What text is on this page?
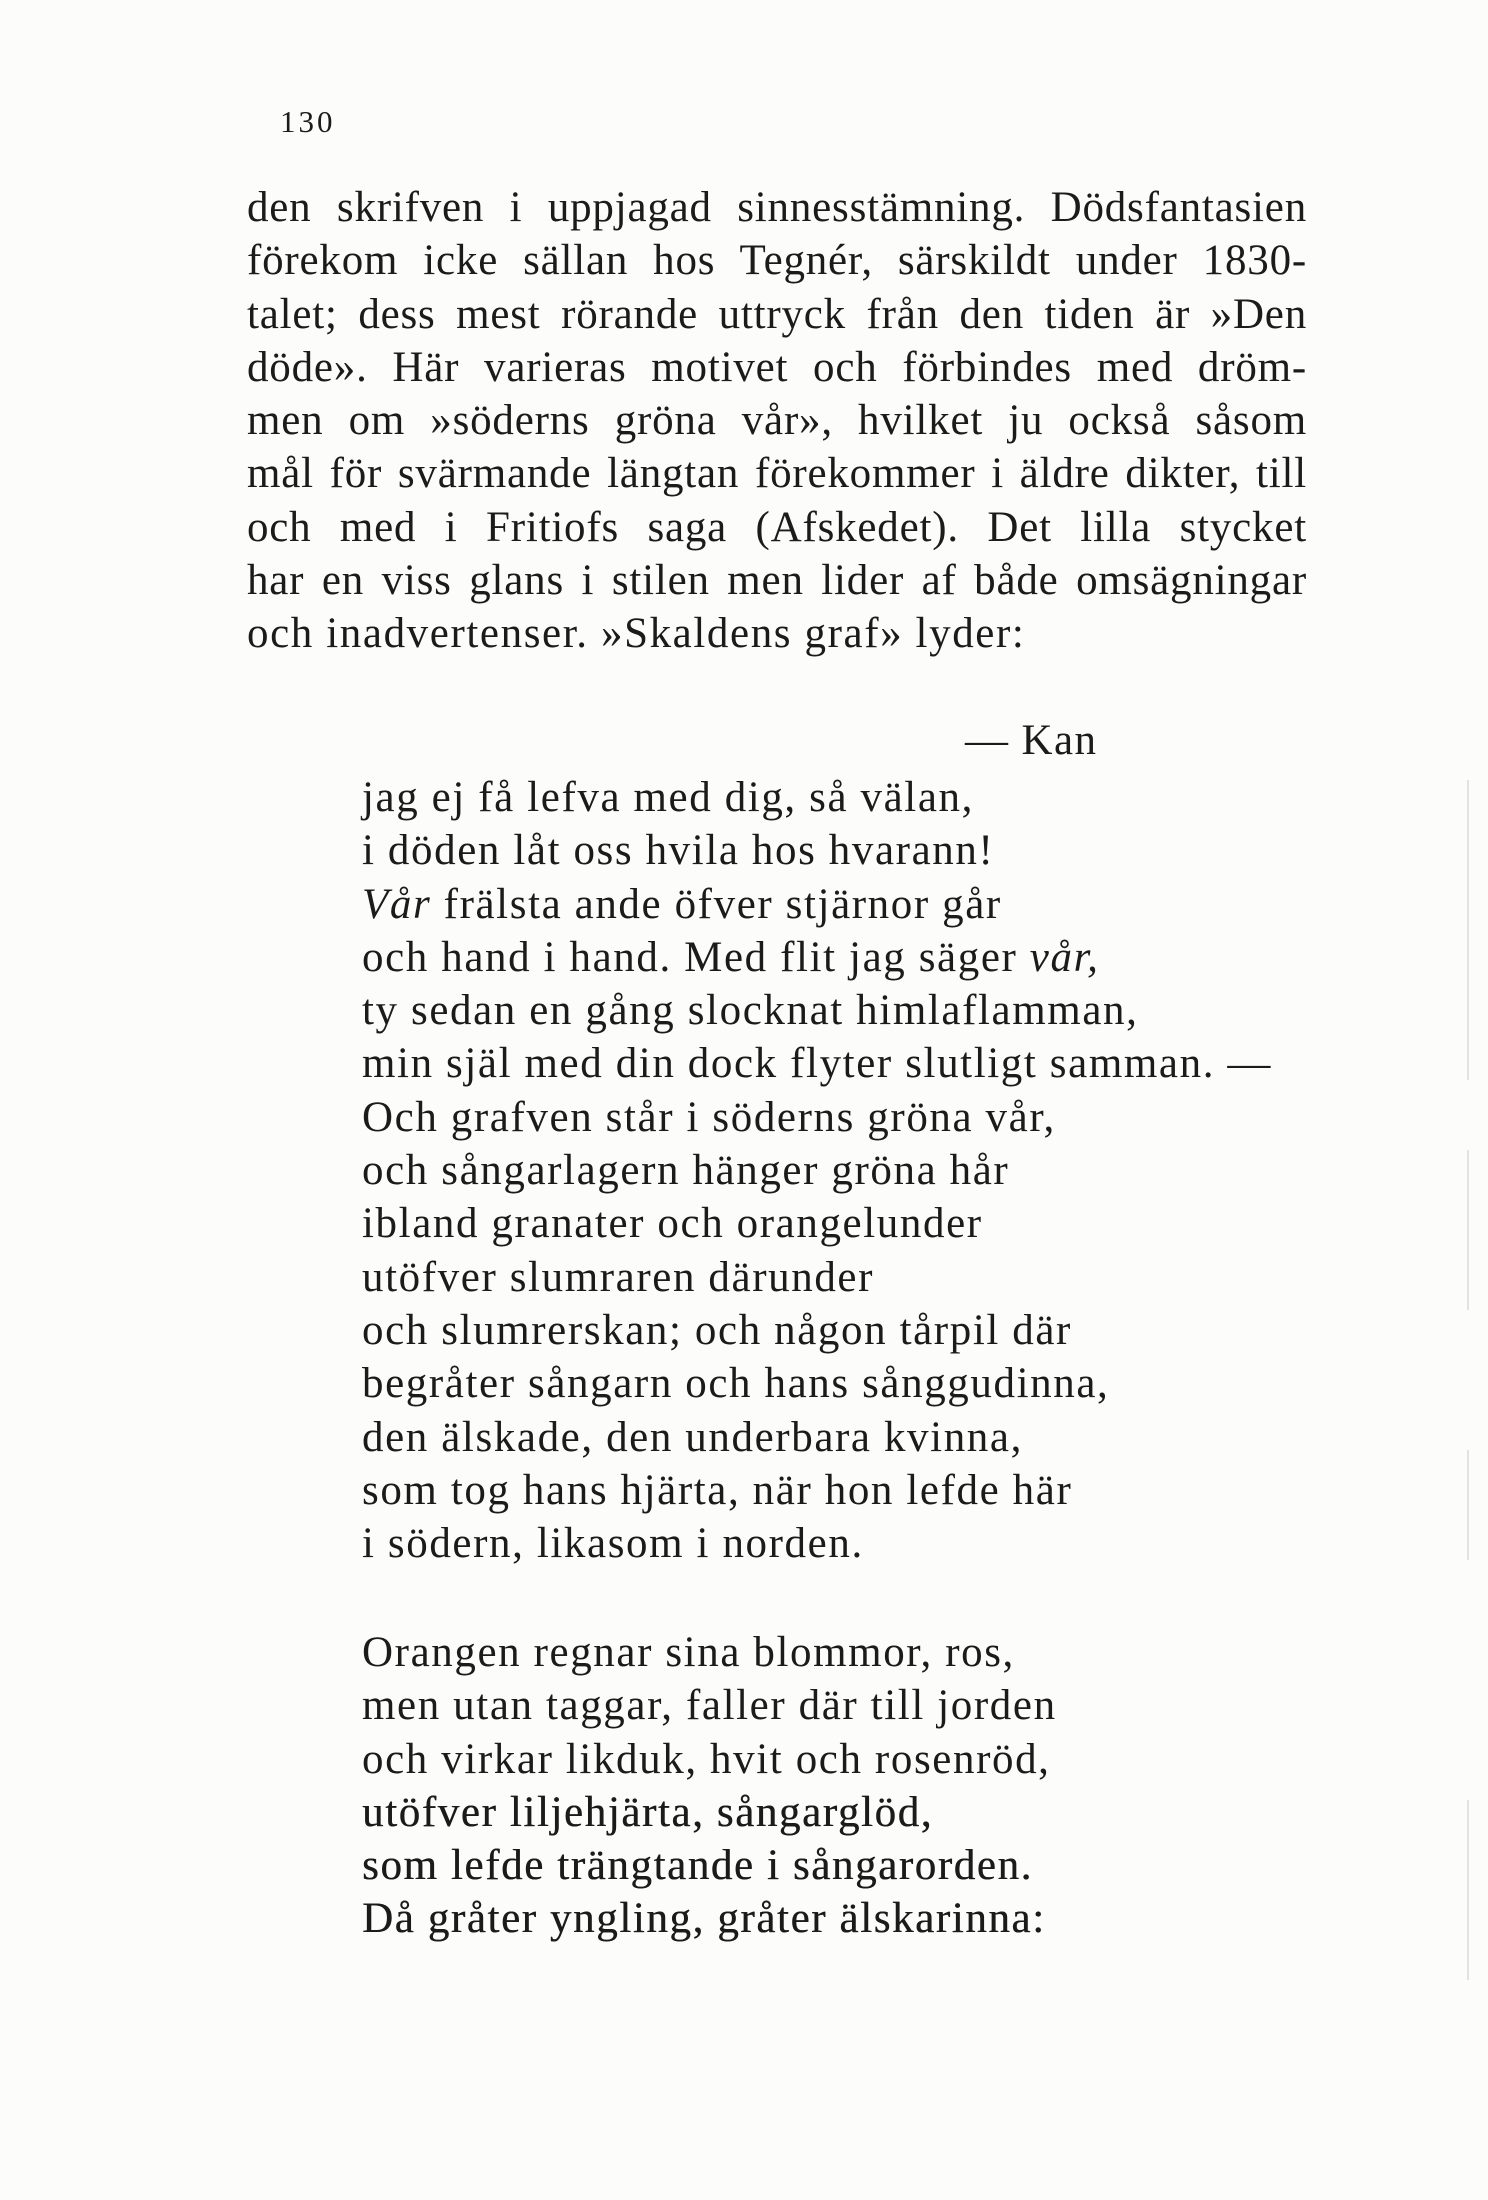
130
den skrifven i uppjagad sinnesstämning. Dödsfantasien
förekom icke sällan hos Tegnér, särskildt under 1830-
talet; dess mest rörande uttryck från den tiden är »Den
döde». Här varieras motivet och förbindes med dröm-
men om »söderns gröna vår», hvilket ju också såsom
mål för svärmande längtan förekommer i äldre dikter, till
och med i Fritiofs saga (Afskedet). Det lilla stycket
har en viss glans i stilen men lider af både omsägningar
och inadvertenser. »Skaldens graf» lyder:
— Kan
jag ej få lefva med dig, så välan,
i döden låt oss hvila hos hvarann!
Vår frälsta ande öfver stjärnor går
och hand i hand. Med flit jag säger vår,
ty sedan en gång slocknat himlaflamman,
min själ med din dock flyter slutligt samman. —
Och grafven står i söderns gröna vår,
och sångarlagern hänger gröna hår
ibland granater och orangelunder
utöfver slumraren därunder
och slumrerskan; och någon tårpil där
begråter sångarn och hans sånggudinna,
den älskade, den underbara kvinna,
som tog hans hjärta, när hon lefde här
i södern, likasom i norden.
Orangen regnar sina blommor, ros,
men utan taggar, faller där till jorden
och virkar likduk, hvit och rosenröd,
utöfver liljehjärta, sångarglöd,
som lefde trängtande i sångarorden.
Då gråter yngling, gråter älskarinna:
